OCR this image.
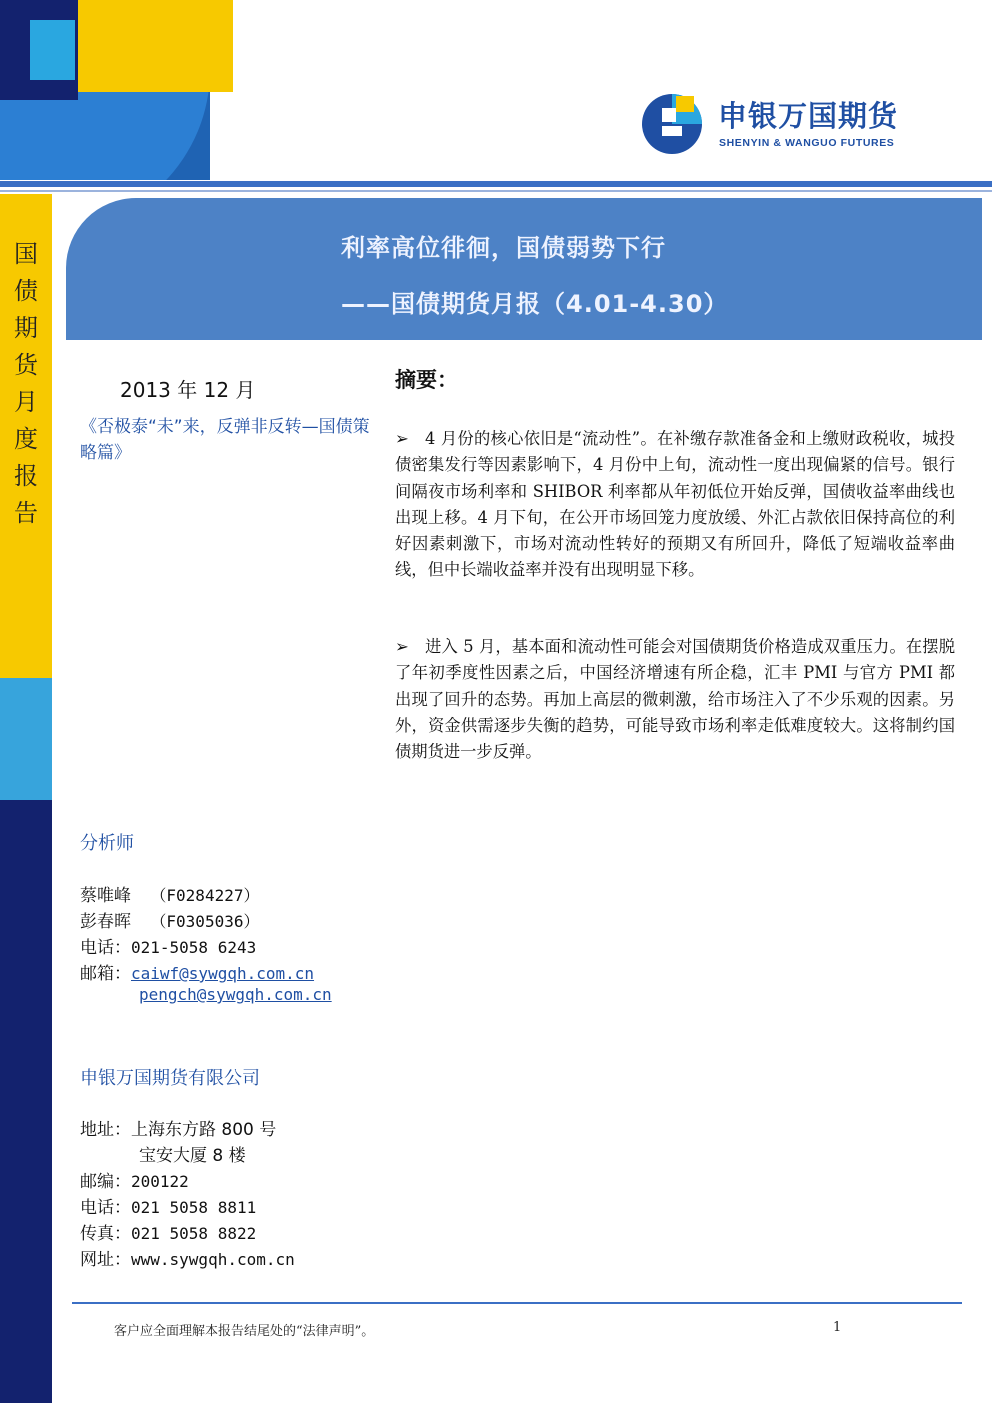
申银万国期货
SHENYIN & WANGUO FUTURES
国
债
期
货
月
度
报
告
利率高位徘徊，国债弱势下行
——国债期货月报（4.01-4.30）
2013 年 12 月
《否极泰“未”来，反弹非反转—国债策略篇》
分析师
蔡唯峰 （F0284227）
彭春晖 （F0305036）
电话：021-5058 6243
邮箱：caiwf@sywgqh.com.cn
pengch@sywgqh.com.cn
申银万国期货有限公司
地址：上海东方路 800 号
宝安大厦 8 楼
邮编：200122
电话：021 5058 8811
传真：021 5058 8822
网址：www.sywgqh.com.cn
摘要：
➢ 4 月份的核心依旧是“流动性”。在补缴存款准备金和上缴财政税收，城投债密集发行等因素影响下，4 月份中上旬，流动性一度出现偏紧的信号。银行间隔夜市场利率和 SHIBOR 利率都从年初低位开始反弹，国债收益率曲线也出现上移。4 月下旬，在公开市场回笼力度放缓、外汇占款依旧保持高位的利好因素刺激下，市场对流动性转好的预期又有所回升，降低了短端收益率曲线，但中长端收益率并没有出现明显下移。
➢ 进入 5 月，基本面和流动性可能会对国债期货价格造成双重压力。在摆脱了年初季度性因素之后，中国经济增速有所企稳，汇丰 PMI 与官方 PMI 都出现了回升的态势。再加上高层的微刺激，给市场注入了不少乐观的因素。另外，资金供需逐步失衡的趋势，可能导致市场利率走低难度较大。这将制约国债期货进一步反弹。
客户应全面理解本报告结尾处的“法律声明”。	1
